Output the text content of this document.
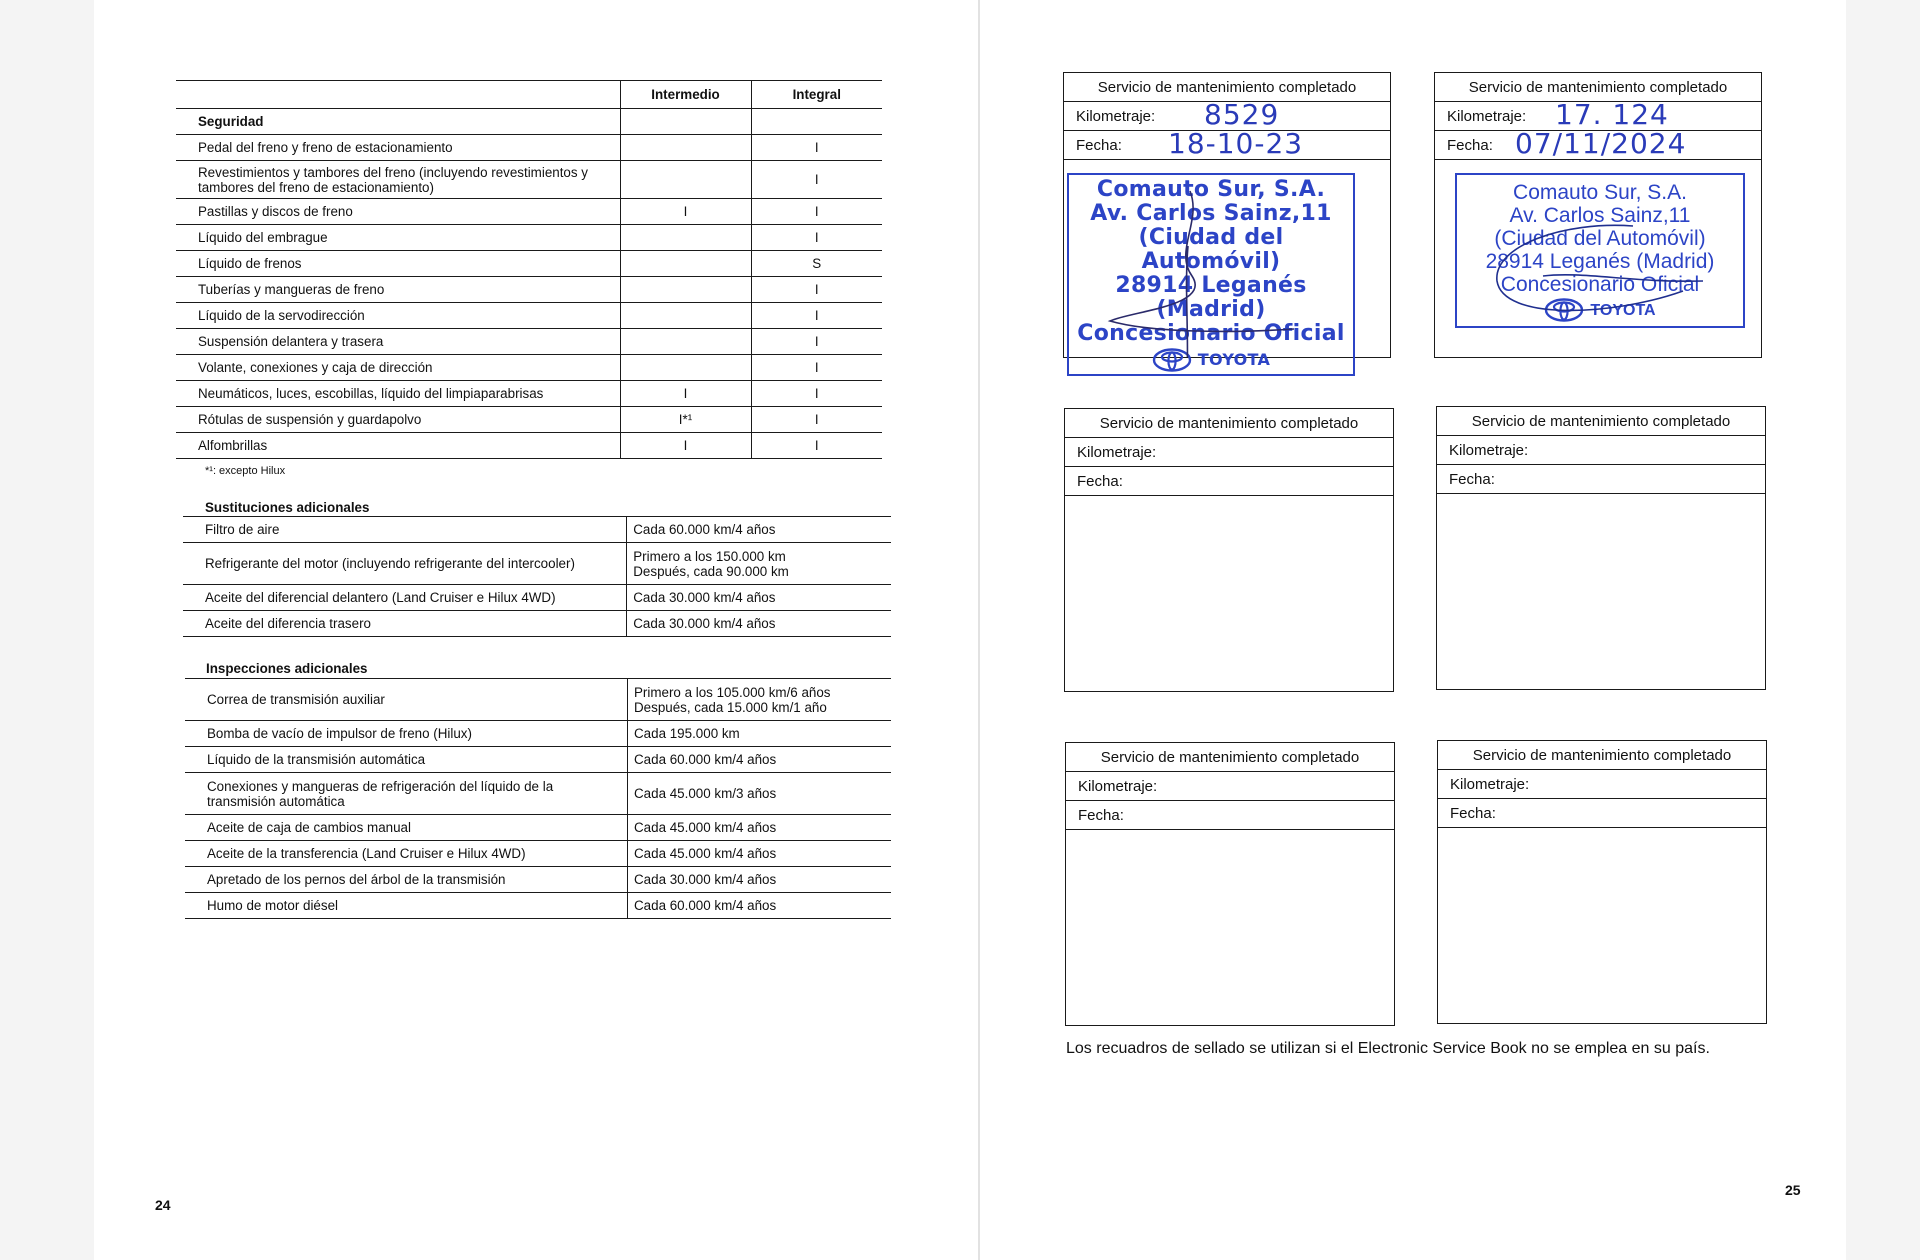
	Intermedio	Integral
Seguridad		
Pedal del freno y freno de estacionamiento		I
Revestimientos y tambores del freno (incluyendo revestimientos y tambores del freno de estacionamiento)		I
Pastillas y discos de freno	I	I
Líquido del embrague		I
Líquido de frenos		S
Tuberías y mangueras de freno		I
Líquido de la servodirección		I
Suspensión delantera y trasera		I
Volante, conexiones y caja de dirección		I
Neumáticos, luces, escobillas, líquido del limpiaparabrisas	I	I
Rótulas de suspensión y guardapolvo	I*¹	I
Alfombrillas	I	I
*¹: excepto Hilux
Sustituciones adicionales
Filtro de aire	Cada 60.000 km/4 años
Refrigerante del motor (incluyendo refrigerante del intercooler)	Primero a los 150.000 km
Después, cada 90.000 km
Aceite del diferencial delantero (Land Cruiser e Hilux 4WD)	Cada 30.000 km/4 años
Aceite del diferencia trasero	Cada 30.000 km/4 años
Inspecciones adicionales
Correa de transmisión auxiliar	Primero a los 105.000 km/6 años
Después, cada 15.000 km/1 año
Bomba de vacío de impulsor de freno (Hilux)	Cada 195.000 km
Líquido de la transmisión automática	Cada 60.000 km/4 años
Conexiones y mangueras de refrigeración del líquido de la transmisión automática	Cada 45.000 km/3 años
Aceite de caja de cambios manual	Cada 45.000 km/4 años
Aceite de la transferencia (Land Cruiser e Hilux 4WD)	Cada 45.000 km/4 años
Apretado de los pernos del árbol de la transmisión	Cada 30.000 km/4 años
Humo de motor diésel	Cada 60.000 km/4 años
24
Servicio de mantenimiento completado
Kilometraje: 8529
Fecha: 18-10-23
Comauto Sur, S.A.
Av. Carlos Sainz,11
(Ciudad del Automóvil)
28914 Leganés (Madrid)
Concesionario Oficial
TOYOTA
Servicio de mantenimiento completado
Kilometraje: 17. 124
Fecha: 07/11/2024
Comauto Sur, S.A.
Av. Carlos Sainz,11
(Ciudad del Automóvil)
28914 Leganés (Madrid)
Concesionario Oficial
TOYOTA
Servicio de mantenimiento completado
Kilometraje:
Fecha:
Servicio de mantenimiento completado
Kilometraje:
Fecha:
Servicio de mantenimiento completado
Kilometraje:
Fecha:
Servicio de mantenimiento completado
Kilometraje:
Fecha:
Los recuadros de sellado se utilizan si el Electronic Service Book no se emplea en su país.
25
